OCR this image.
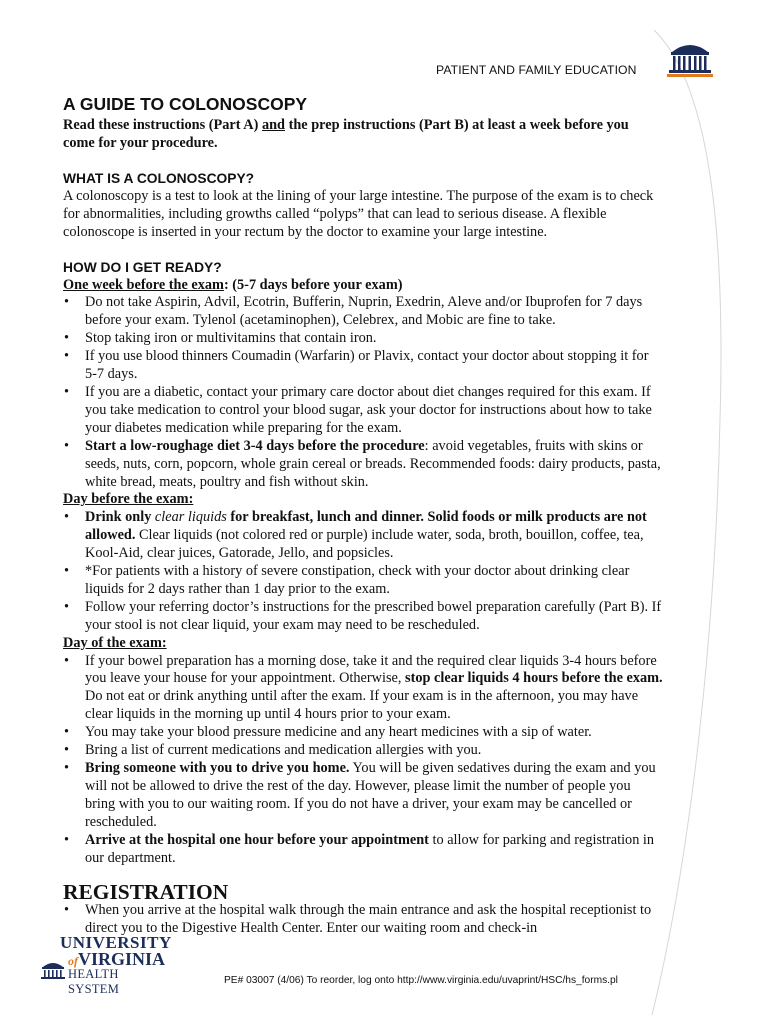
PATIENT AND FAMILY EDUCATION
A GUIDE TO COLONOSCOPY

Read these instructions (Part A) and the prep instructions (Part B) at least a week before you come for your procedure.

WHAT IS A COLONOSCOPY?

A colonoscopy is a test to look at the lining of your large intestine. The purpose of the exam is to check for abnormalities, including growths called “polyps” that can lead to serious disease. A flexible colonoscope is inserted in your rectum by the doctor to examine your large intestine.

HOW DO I GET READY?

One week before the exam: (5-7 days before your exam)

• Do not take Aspirin, Advil, Ecotrin, Bufferin, Nuprin, Exedrin, Aleve and/or Ibuprofen for 7 days before your exam. Tylenol (acetaminophen), Celebrex, and Mobic are fine to take.
• Stop taking iron or multivitamins that contain iron.
• If you use blood thinners Coumadin (Warfarin) or Plavix, contact your doctor about stopping it for 5-7 days.
• If you are a diabetic, contact your primary care doctor about diet changes required for this exam. If you take medication to control your blood sugar, ask your doctor for instructions about how to take your diabetes medication while preparing for the exam.
• Start a low-roughage diet 3-4 days before the procedure: avoid vegetables, fruits with skins or seeds, nuts, corn, popcorn, whole grain cereal or breads. Recommended foods: dairy products, pasta, white bread, meats, poultry and fish without skin.

Day before the exam:

• Drink only clear liquids for breakfast, lunch and dinner. Solid foods or milk products are not allowed. Clear liquids (not colored red or purple) include water, soda, broth, bouillon, coffee, tea, Kool-Aid, clear juices, Gatorade, Jello, and popsicles.
• *For patients with a history of severe constipation, check with your doctor about drinking clear liquids for 2 days rather than 1 day prior to the exam.
• Follow your referring doctor’s instructions for the prescribed bowel preparation carefully (Part B). If your stool is not clear liquid, your exam may need to be rescheduled.

Day of the exam:

• If your bowel preparation has a morning dose, take it and the required clear liquids 3-4 hours before you leave your house for your appointment. Otherwise, stop clear liquids 4 hours before the exam. Do not eat or drink anything until after the exam. If your exam is in the afternoon, you may have clear liquids in the morning up until 4 hours prior to your exam.
• You may take your blood pressure medicine and any heart medicines with a sip of water.
• Bring a list of current medications and medication allergies with you.
• Bring someone with you to drive you home. You will be given sedatives during the exam and you will not be allowed to drive the rest of the day. However, please limit the number of people you bring with you to our waiting room. If you do not have a driver, your exam may be cancelled or rescheduled.
• Arrive at the hospital one hour before your appointment to allow for parking and registration in our department.
REGISTRATION
• When you arrive at the hospital walk through the main entrance and ask the hospital receptionist to direct you to the Digestive Health Center. Enter our waiting room and check-in
UNIVERSITY
ofVIRGINIA
HEALTH SYSTEM
PE# 03007 (4/06) To reorder, log onto http://www.virginia.edu/uvaprint/HSC/hs_forms.pl
